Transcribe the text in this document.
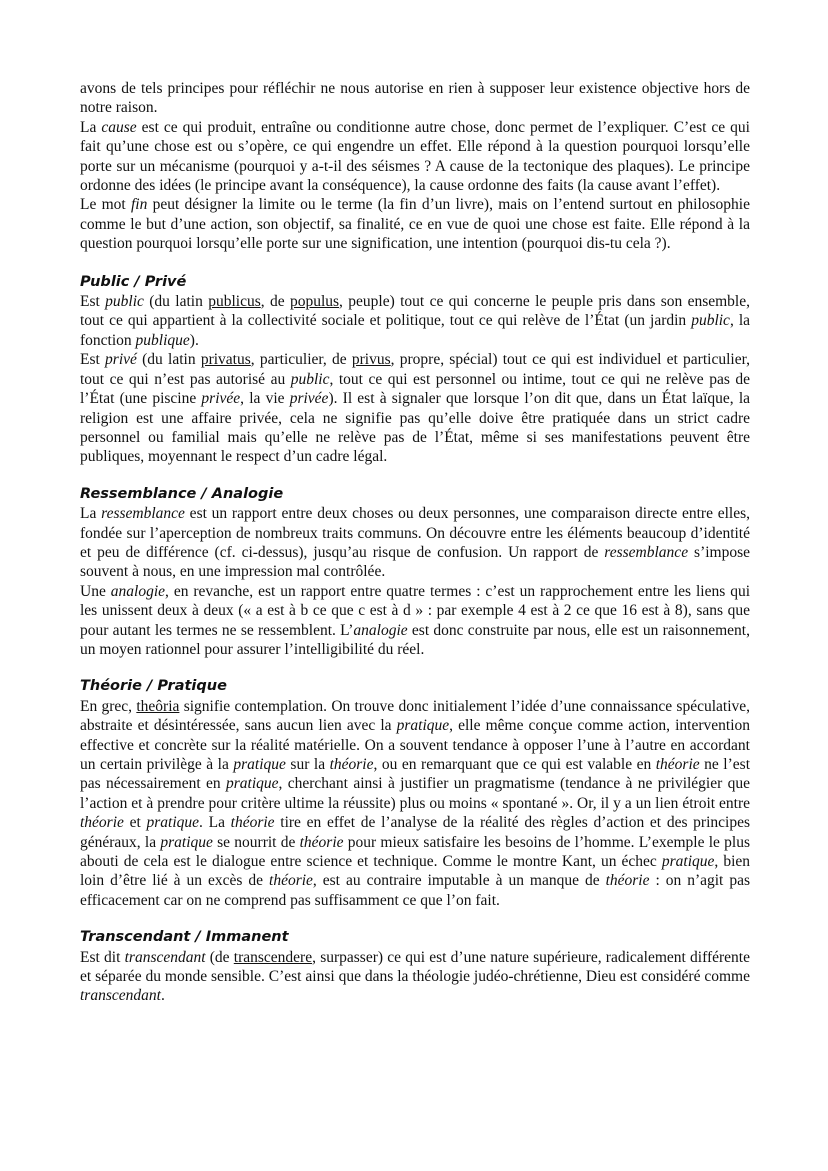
avons de tels principes pour réfléchir ne nous autorise en rien à supposer leur existence objective hors de notre raison.

La cause est ce qui produit, entraîne ou conditionne autre chose, donc permet de l’expliquer. C’est ce qui fait qu’une chose est ou s’opère, ce qui engendre un effet. Elle répond à la question pourquoi lorsqu’elle porte sur un mécanisme (pourquoi y a-t-il des séismes ? A cause de la tectonique des plaques). Le principe ordonne des idées (le principe avant la conséquence), la cause ordonne des faits (la cause avant l’effet).

Le mot fin peut désigner la limite ou le terme (la fin d’un livre), mais on l’entend surtout en philosophie comme le but d’une action, son objectif, sa finalité, ce en vue de quoi une chose est faite. Elle répond à la question pourquoi lorsqu’elle porte sur une signification, une intention (pourquoi dis-tu cela ?).

Public / Privé

Est public (du latin publicus, de populus, peuple) tout ce qui concerne le peuple pris dans son ensemble, tout ce qui appartient à la collectivité sociale et politique, tout ce qui relève de l’État (un jardin public, la fonction publique).

Est privé (du latin privatus, particulier, de privus, propre, spécial) tout ce qui est individuel et particulier, tout ce qui n’est pas autorisé au public, tout ce qui est personnel ou intime, tout ce qui ne relève pas de l’État (une piscine privée, la vie privée). Il est à signaler que lorsque l’on dit que, dans un État laïque, la religion est une affaire privée, cela ne signifie pas qu’elle doive être pratiquée dans un strict cadre personnel ou familial mais qu’elle ne relève pas de l’État, même si ses manifestations peuvent être publiques, moyennant le respect d’un cadre légal.

Ressemblance / Analogie

La ressemblance est un rapport entre deux choses ou deux personnes, une comparaison directe entre elles, fondée sur l’aperception de nombreux traits communs. On découvre entre les éléments beaucoup d’identité et peu de différence (cf. ci-dessus), jusqu’au risque de confusion. Un rapport de ressemblance s’impose souvent à nous, en une impression mal contrôlée.

Une analogie, en revanche, est un rapport entre quatre termes : c’est un rapprochement entre les liens qui les unissent deux à deux (« a est à b ce que c est à d » : par exemple 4 est à 2 ce que 16 est à 8), sans que pour autant les termes ne se ressemblent. L’analogie est donc construite par nous, elle est un raisonnement, un moyen rationnel pour assurer l’intelligibilité du réel.

Théorie / Pratique

En grec, theôria signifie contemplation. On trouve donc initialement l’idée d’une connaissance spéculative, abstraite et désintéressée, sans aucun lien avec la pratique, elle même conçue comme action, intervention effective et concrète sur la réalité matérielle. On a souvent tendance à opposer l’une à l’autre en accordant un certain privilège à la pratique sur la théorie, ou en remarquant que ce qui est valable en théorie ne l’est pas nécessairement en pratique, cherchant ainsi à justifier un pragmatisme (tendance à ne privilégier que l’action et à prendre pour critère ultime la réussite) plus ou moins « spontané ». Or, il y a un lien étroit entre théorie et pratique. La théorie tire en effet de l’analyse de la réalité des règles d’action et des principes généraux, la pratique se nourrit de théorie pour mieux satisfaire les besoins de l’homme. L’exemple le plus abouti de cela est le dialogue entre science et technique. Comme le montre Kant, un échec pratique, bien loin d’être lié à un excès de théorie, est au contraire imputable à un manque de théorie : on n’agit pas efficacement car on ne comprend pas suffisamment ce que l’on fait.

Transcendant / Immanent

Est dit transcendant (de transcendere, surpasser) ce qui est d’une nature supérieure, radicalement différente et séparée du monde sensible. C’est ainsi que dans la théologie judéo-chrétienne, Dieu est considéré comme transcendant.
